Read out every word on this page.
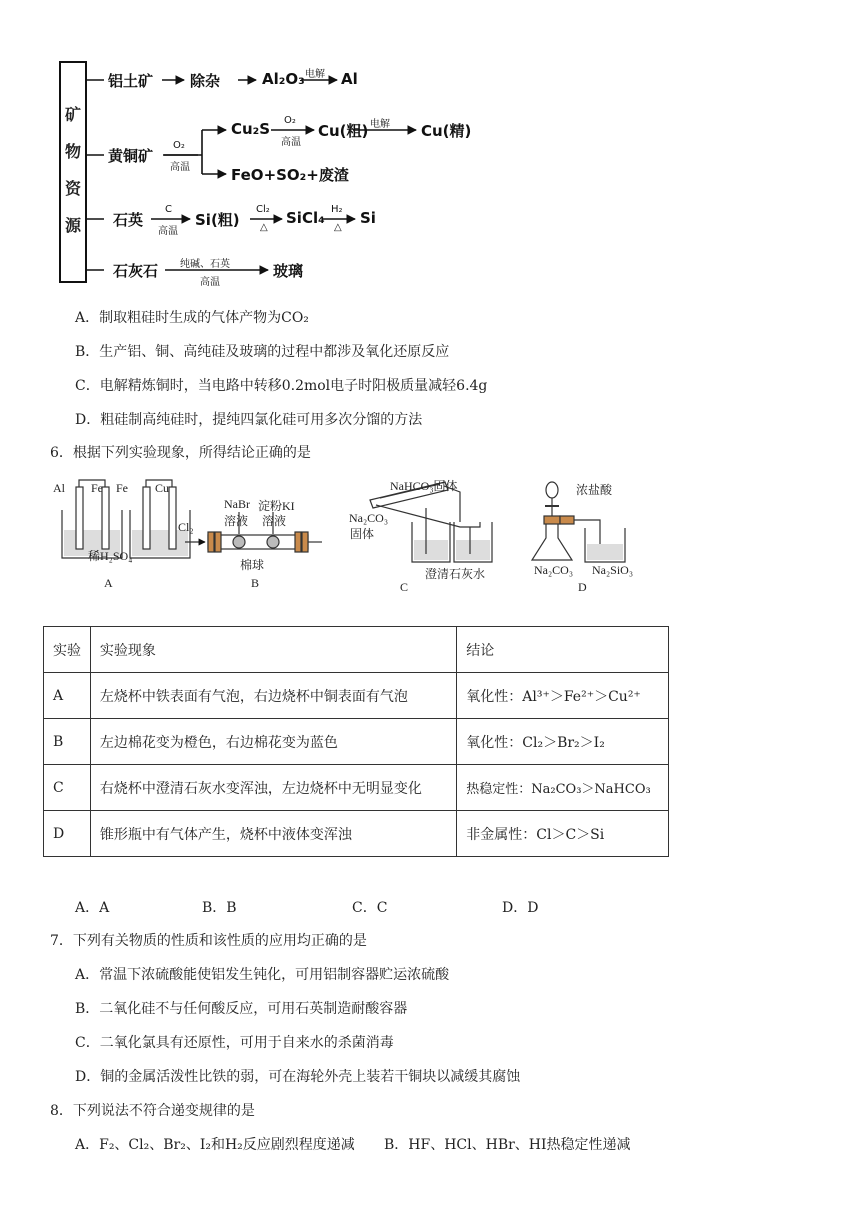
矿
物
资
源
铝土矿 除杂	Al₂O₃ 电解 Al
黄铜矿
O₂
高温
Cu₂S O₂
高温
Cu(粗) 电解 Cu(精)
FeO+SO₂+废渣
石英
C
高温
Si(粗)
Cl₂
△
SiCl₄ H₂
△
Si
石灰石 纯碱、石英
高温
玻璃
A．制取粗硅时生成的气体产物为CO₂
B．生产铝、铜、高纯硅及玻璃的过程中都涉及氧化还原反应
C．电解精炼铜时，当电路中转移0.2mol电子时阳极质量减轻6.4g
D．粗硅制高纯硅时，提纯四氯化硅可用多次分馏的方法
6．根据下列实验现象，所得结论正确的是
Al Fe Fe Cu
稀H₂SO₄
A
Cl₂
NaBr
溶液
淀粉KI
溶液
棉球
B
NaHCO₃固体
Na₂CO₃
固体
澄清石灰水
C
浓盐酸
Na₂CO₃ Na₂SiO₃
D
实验	实验现象	结论
A	左烧杯中铁表面有气泡，右边烧杯中铜表面有气泡	氧化性：Al³⁺＞Fe²⁺＞Cu²⁺
B	左边棉花变为橙色，右边棉花变为蓝色	氧化性：Cl₂＞Br₂＞I₂
C	右烧杯中澄清石灰水变浑浊，左边烧杯中无明显变化	热稳定性：Na₂CO₃＞NaHCO₃
D	锥形瓶中有气体产生，烧杯中液体变浑浊	非金属性：Cl＞C＞Si
A．A	B．B	C．C	D．D
7．下列有关物质的性质和该性质的应用均正确的是
A．常温下浓硫酸能使铝发生钝化，可用铝制容器贮运浓硫酸
B．二氧化硅不与任何酸反应，可用石英制造耐酸容器
C．二氧化氯具有还原性，可用于自来水的杀菌消毒
D．铜的金属活泼性比铁的弱，可在海轮外壳上装若干铜块以减缓其腐蚀
8．下列说法不符合递变规律的是
A．F₂、Cl₂、Br₂、I₂和H₂反应剧烈程度递减 B．HF、HCl、HBr、HI热稳定性递减
